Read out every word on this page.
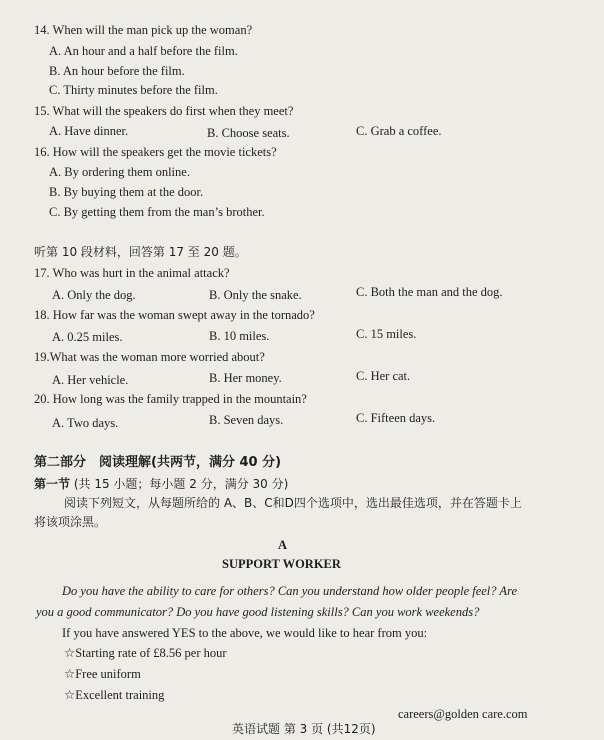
14. When will the man pick up the woman?
A. An hour and a half before the film.
B. An hour before the film.
C. Thirty minutes before the film.
15. What will the speakers do first when they meet?
A. Have dinner.	B. Choose seats.	C. Grab a coffee.
16. How will the speakers get the movie tickets?
A. By ordering them online.
B. By buying them at the door.
C. By getting them from the man’s brother.
听第 10 段材料，回答第 17 至 20 题。
17. Who was hurt in the animal attack?
A. Only the dog.	B. Only the snake.	C. Both the man and the dog.
18. How far was the woman swept away in the tornado?
A. 0.25 miles.	B. 10 miles.	C. 15 miles.
19.What was the woman more worried about?
A. Her vehicle.	B. Her money.	C. Her cat.
20. How long was the family trapped in the mountain?
A. Two days.	B. Seven days.	C. Fifteen days.
第二部分　阅读理解(共两节，满分 40 分)
第一节 (共 15 小题；每小题 2 分，满分 30 分)
阅读下列短文，从每题所给的 A、B、C和D四个选项中，选出最佳选项，并在答题卡上
将该项涂黑。
A
SUPPORT WORKER
Do you have the ability to care for others? Can you understand how older people feel? Are
you a good communicator? Do you have good listening skills? Can you work weekends?
If you have answered YES to the above, we would like to hear from you:
☆Starting rate of £8.56 per hour
☆Free uniform
☆Excellent training
careers@golden care.com
英语试题 第 3 页 (共12页)
